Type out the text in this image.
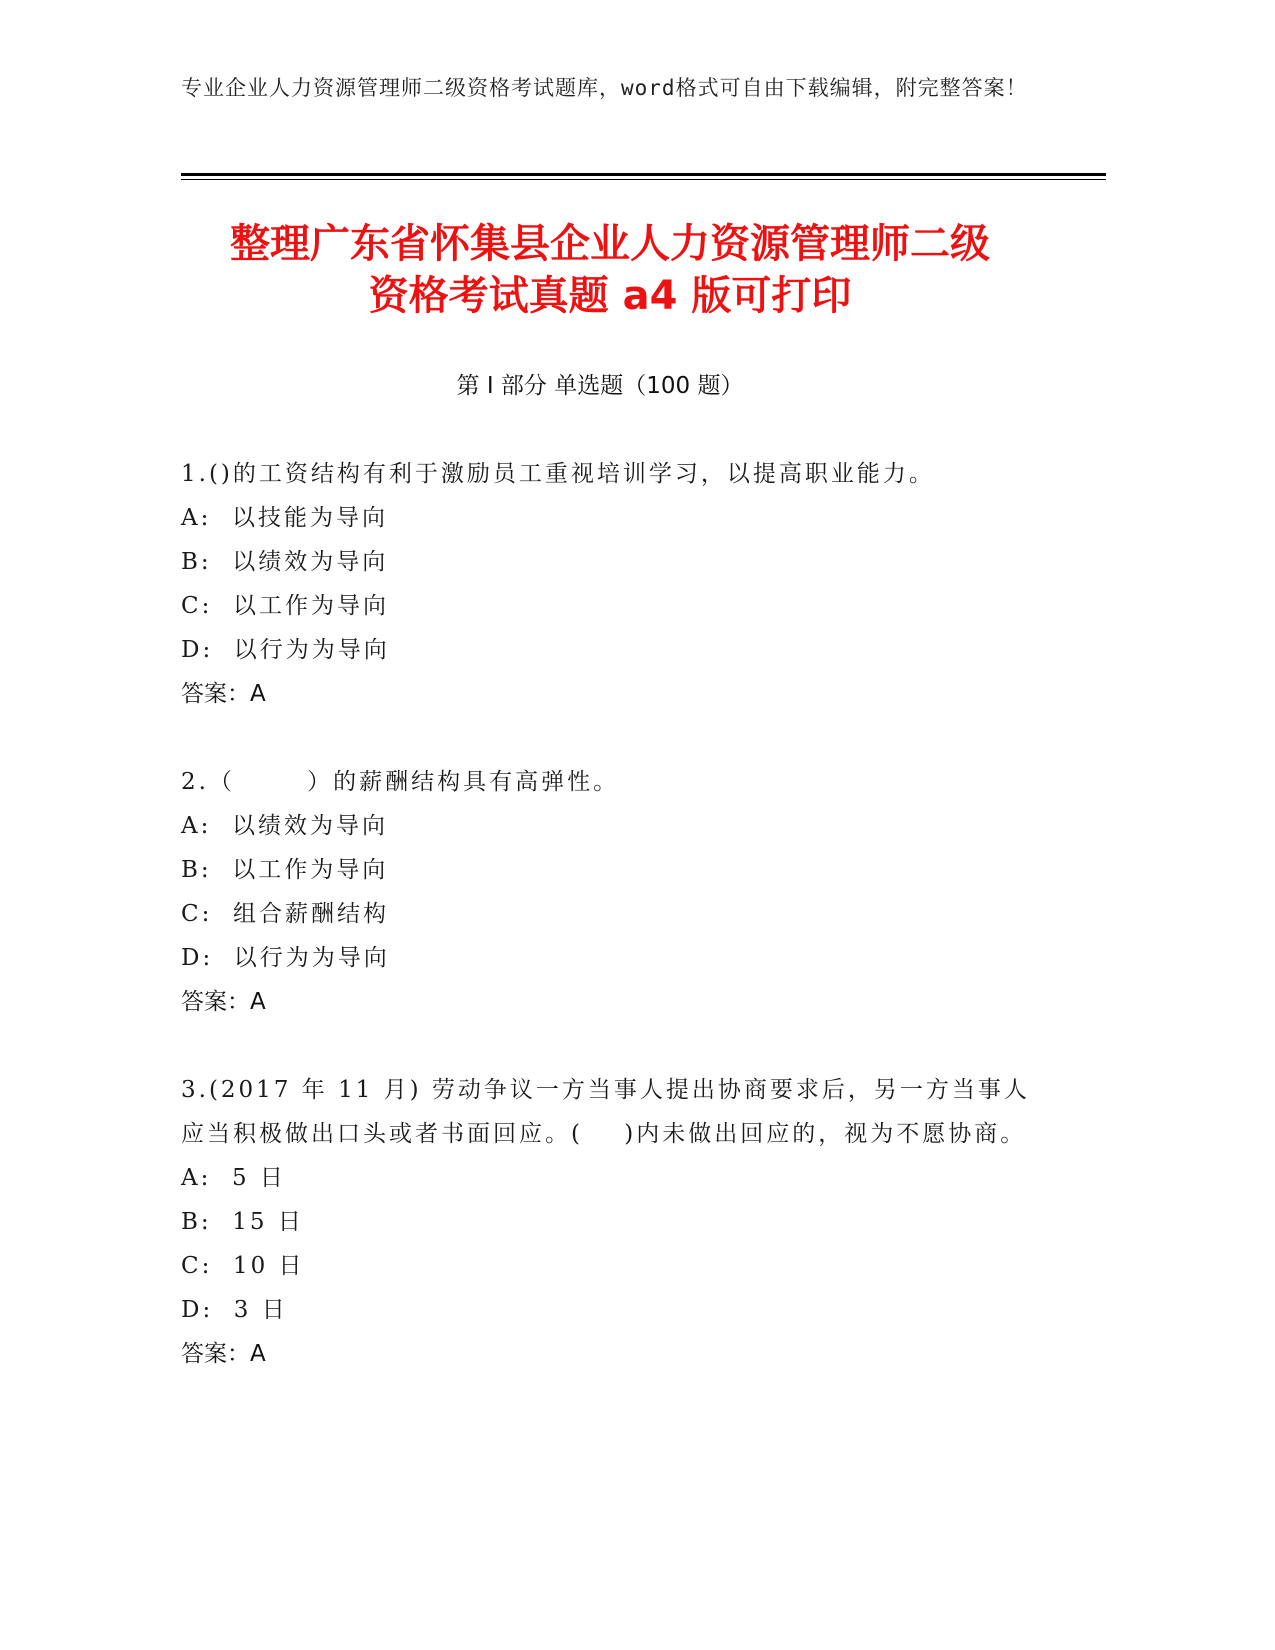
专业企业人力资源管理师二级资格考试题库，word格式可自由下载编辑，附完整答案！
整理广东省怀集县企业人力资源管理师二级
资格考试真题 a4 版可打印
第 I 部分 单选题（100 题）
1.()的工资结构有利于激励员工重视培训学习，以提高职业能力。
A:  以技能为导向
B:  以绩效为导向
C:  以工作为导向
D:  以行为为导向
答案：A
2.（       ）的薪酬结构具有高弹性。
A:  以绩效为导向
B:  以工作为导向
C:  组合薪酬结构
D:  以行为为导向
答案：A
3.(2017 年 11 月) 劳动争议一方当事人提出协商要求后，另一方当事人应当积极做出口头或者书面回应。(    )内未做出回应的，视为不愿协商。
A:  5 日
B:  15 日
C:  10 日
D:  3 日
答案：A
